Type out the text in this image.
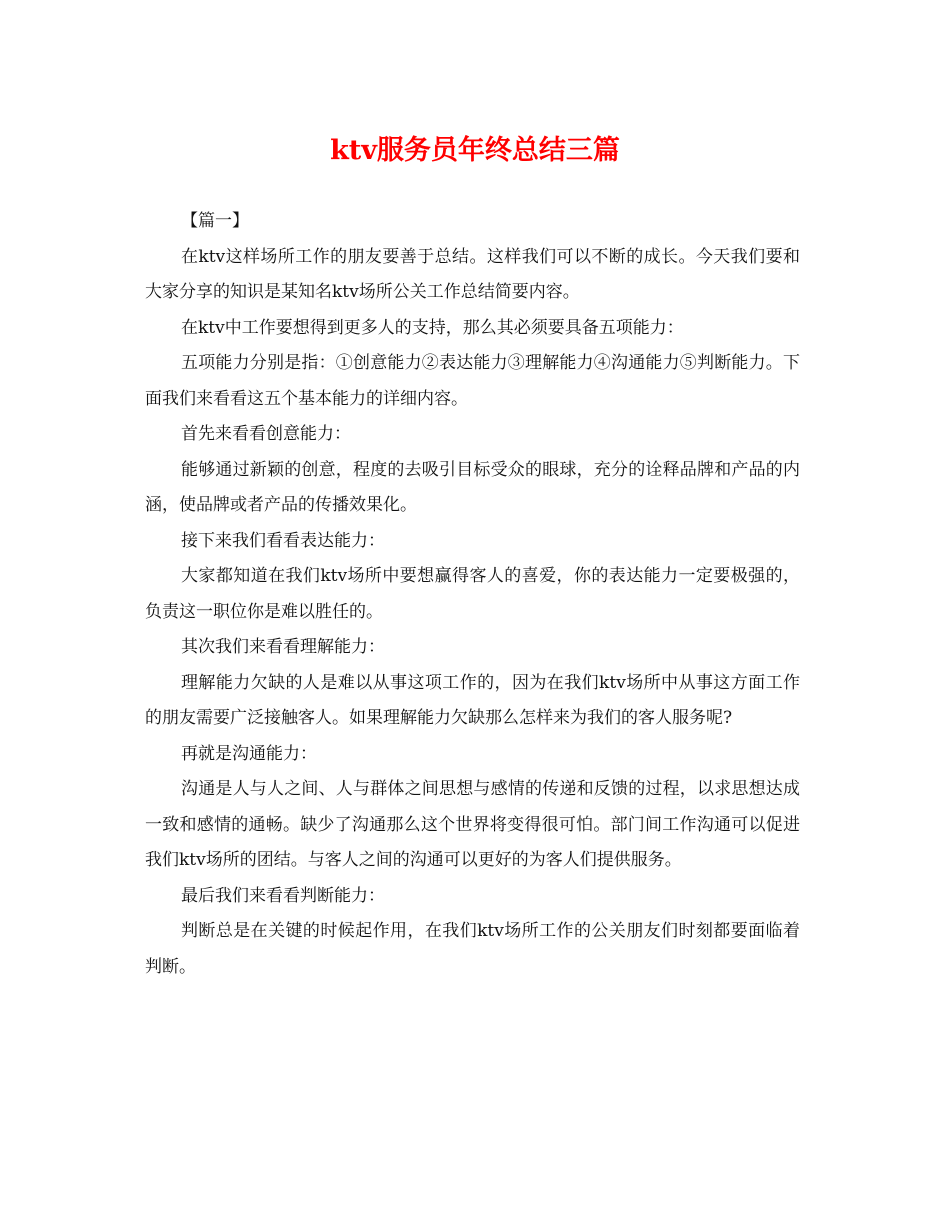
ktv服务员年终总结三篇

【篇一】

在ktv这样场所工作的朋友要善于总结。这样我们可以不断的成长。今天我们要和大家分享的知识是某知名ktv场所公关工作总结简要内容。

在ktv中工作要想得到更多人的支持，那么其必须要具备五项能力：

五项能力分别是指：①创意能力②表达能力③理解能力④沟通能力⑤判断能力。下面我们来看看这五个基本能力的详细内容。

首先来看看创意能力：

能够通过新颖的创意，程度的去吸引目标受众的眼球，充分的诠释品牌和产品的内涵，使品牌或者产品的传播效果化。

接下来我们看看表达能力：

大家都知道在我们ktv场所中要想赢得客人的喜爱，你的表达能力一定要极强的，负责这一职位你是难以胜任的。

其次我们来看看理解能力：

理解能力欠缺的人是难以从事这项工作的，因为在我们ktv场所中从事这方面工作的朋友需要广泛接触客人。如果理解能力欠缺那么怎样来为我们的客人服务呢?

再就是沟通能力：

沟通是人与人之间、人与群体之间思想与感情的传递和反馈的过程，以求思想达成一致和感情的通畅。缺少了沟通那么这个世界将变得很可怕。部门间工作沟通可以促进我们ktv场所的团结。与客人之间的沟通可以更好的为客人们提供服务。

最后我们来看看判断能力：

判断总是在关键的时候起作用，在我们ktv场所工作的公关朋友们时刻都要面临着判断。
